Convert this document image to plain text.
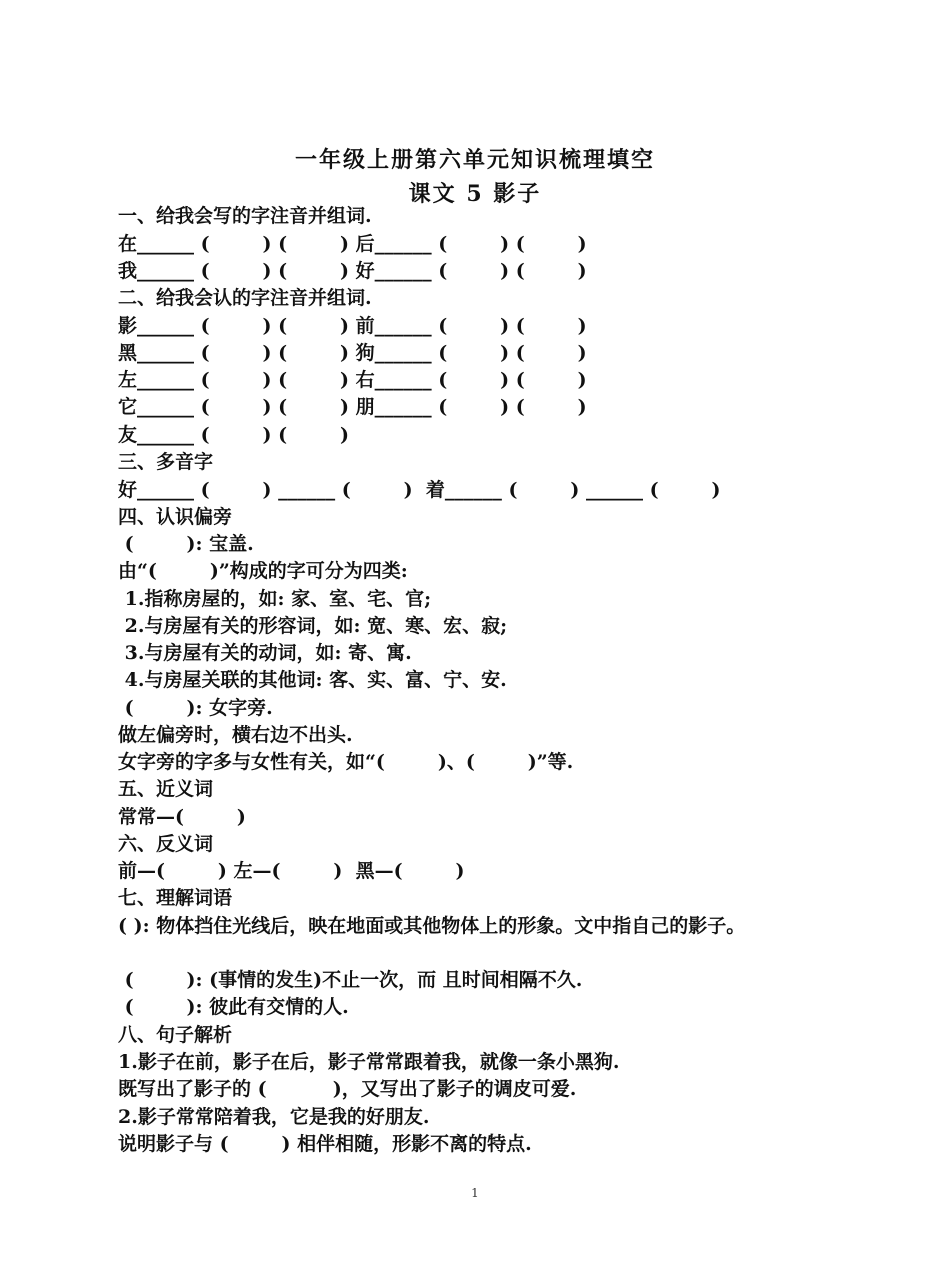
一年级上册第六单元知识梳理填空
课文 5 影子
一、给我会写的字注音并组词.
在______ (        ) (        ) 后______ (        ) (        )
我______ (        ) (        ) 好______ (        ) (        )
二、给我会认的字注音并组词.
影______ (        ) (        ) 前______ (        ) (        )
黑______ (        ) (        ) 狗______ (        ) (        )
左______ (        ) (        ) 右______ (        ) (        )
它______ (        ) (        ) 朋______ (        ) (        )
友______ (        ) (        )
三、多音字
好______ (        ) ______ (        )  着______ (        ) ______ (        )
四、认识偏旁
(        ): 宝盖.
由“(        )”构成的字可分为四类:
1.指称房屋的，如: 家、室、宅、官;
2.与房屋有关的形容词，如: 宽、寒、宏、寂;
3.与房屋有关的动词，如: 寄、寓.
4.与房屋关联的其他词: 客、实、富、宁、安.
(        ): 女字旁.
做左偏旁时，横右边不出头.
女字旁的字多与女性有关，如“(        )、(        )”等.
五、近义词
常常—(        )
六、反义词
前—(        ) 左—(        )  黑—(        )
七、理解词语
( ): 物体挡住光线后，映在地面或其他物体上的形象。文中指自己的影子。
(        ): (事情的发生)不止一次，而 且时间相隔不久.
(        ): 彼此有交情的人.
八、句子解析
1.影子在前，影子在后，影子常常跟着我，就像一条小黑狗.
既写出了影子的 (          )，又写出了影子的调皮可爱.
2.影子常常陪着我，它是我的好朋友.
说明影子与 (        ) 相伴相随，形影不离的特点.
1
